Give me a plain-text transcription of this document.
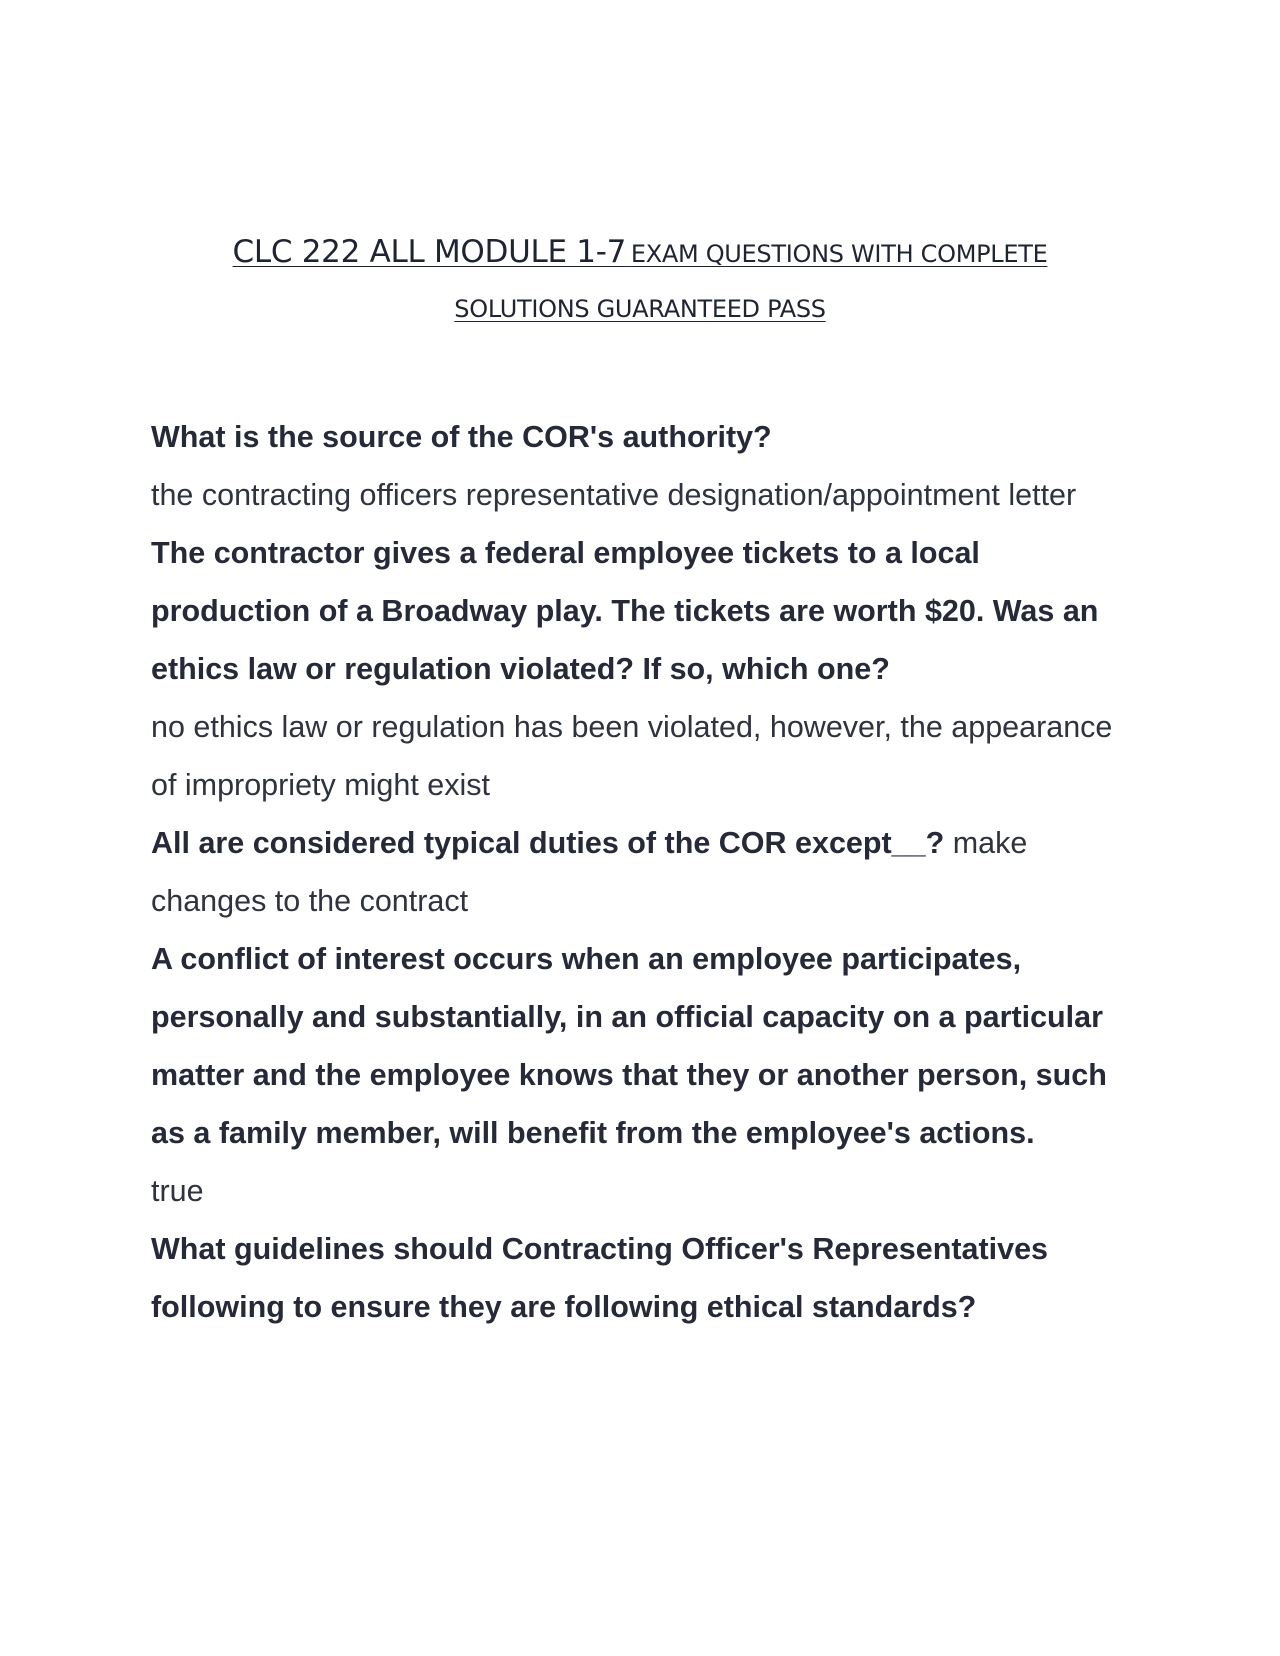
CLC 222 ALL MODULE 1-7 EXAM QUESTIONS WITH COMPLETE
SOLUTIONS GUARANTEED PASS

What is the source of the COR's authority?

the contracting officers representative designation/appointment letter

The contractor gives a federal employee tickets to a local production of a Broadway play. The tickets are worth $20. Was an ethics law or regulation violated? If so, which one?

no ethics law or regulation has been violated, however, the appearance of impropriety might exist

All are considered typical duties of the COR except__? make changes to the contract

A conflict of interest occurs when an employee participates, personally and substantially, in an official capacity on a particular matter and the employee knows that they or another person, such as a family member, will benefit from the employee's actions.

true

What guidelines should Contracting Officer's Representatives following to ensure they are following ethical standards?
